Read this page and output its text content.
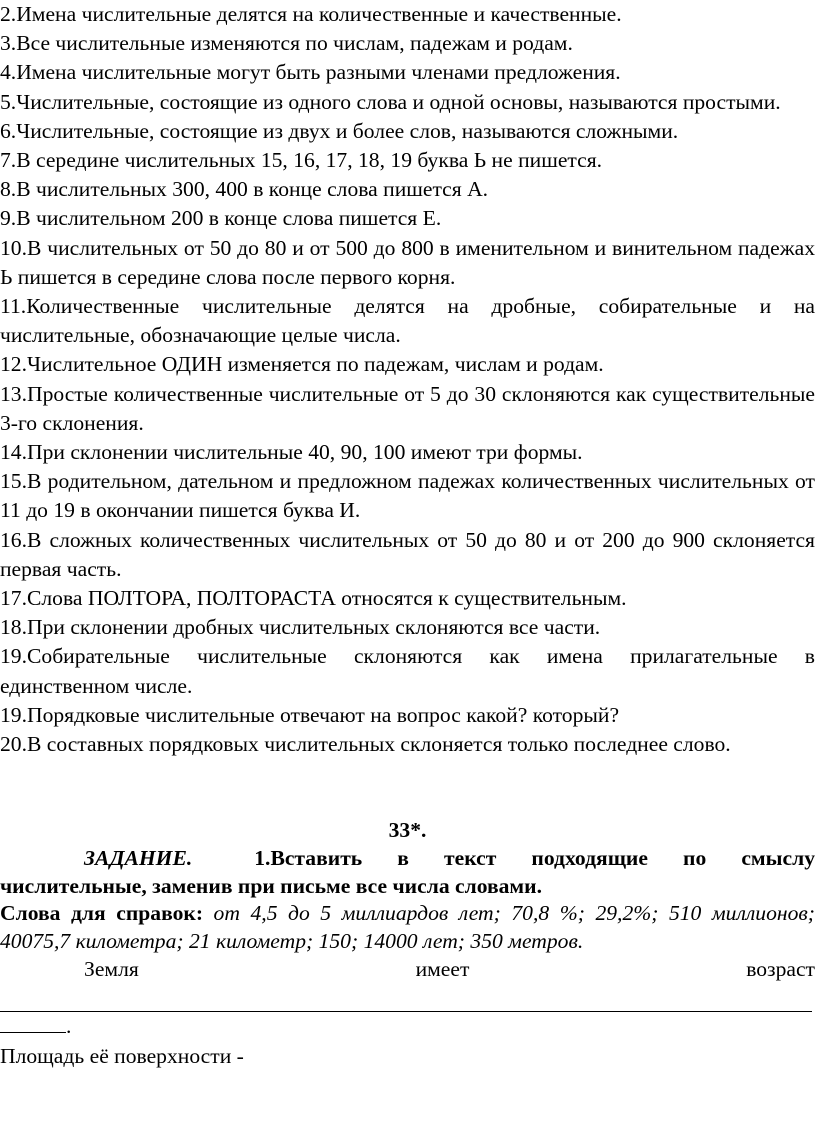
2.Имена числительные делятся на количественные и качественные.

3.Все числительные изменяются по числам, падежам и родам.

4.Имена числительные могут быть разными членами предложения.

5.Числительные, состоящие из одного слова и одной основы, называются простыми.

6.Числительные, состоящие из двух и более слов, называются сложными.

7.В середине числительных 15, 16, 17, 18, 19 буква Ь не пишется.

8.В числительных 300, 400 в конце слова пишется А.

9.В числительном 200 в конце слова пишется Е.

10.В числительных от 50 до 80 и от 500 до 800 в именительном и винительном падежах Ь пишется в середине слова после первого корня.

11.Количественные числительные делятся на дробные, собирательные и на числительные, обозначающие целые числа.

12.Числительное ОДИН изменяется по падежам, числам и родам.

13.Простые количественные числительные от 5 до 30 склоняются как существительные 3-го склонения.

14.При склонении числительные 40, 90, 100 имеют три формы.

15.В родительном, дательном и предложном падежах количественных числительных от 11 до 19 в окончании пишется буква И.

16.В сложных количественных числительных от 50 до 80 и от 200 до 900 склоняется первая часть.

17.Слова ПОЛТОРА, ПОЛТОРАСТА относятся к существительным.

18.При склонении дробных числительных склоняются все части.

19.Собирательные числительные склоняются как имена прилагательные в единственном числе.

19.Порядковые числительные отвечают на вопрос какой? который?

20.В составных порядковых числительных склоняется только последнее слово.

33*.

ЗАДАНИЕ.	1.Вставить в текст подходящие по смыслу числительные, заменив при письме все числа словами.

Слова для справок: от 4,5 до 5 миллиардов лет; 70,8 %; 29,2%; 510 миллионов; 40075,7 километра; 21 километр; 150; 14000 лет; 350 метров.

Земля	имеет	возраст

.

Площадь её поверхности -
